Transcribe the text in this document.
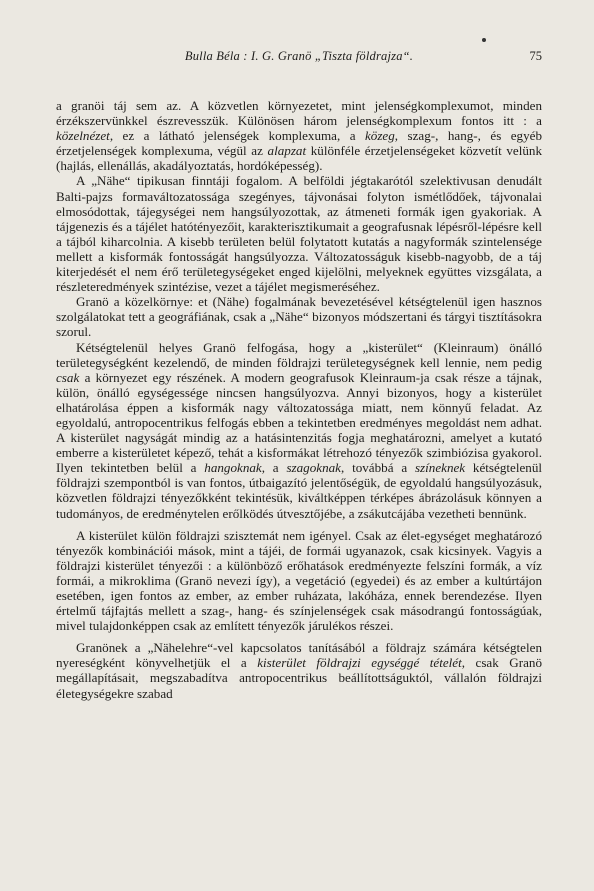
Bulla Béla : I. G. Granö „Tiszta földrajza“.	75

a granöi táj sem az. A közvetlen környezetet, mint jelenségkomplexumot, minden érzékszervünkkel észrevesszük. Különösen három jelenségkomplexum fontos itt : a közelnézet, ez a látható jelenségek komplexuma, a közeg, szag-, hang-, és egyéb érzetjelenségek komplexuma, végül az alapzat különféle érzetjelenségeket közvetít velünk (hajlás, ellenállás, akadályoztatás, hordóképesség).

A „Nähe“ tipikusan finntáji fogalom. A belföldi jégtakarótól szelektivusan denudált Balti-pajzs formaváltozatossága szegényes, tájvonásai folyton ismétlődőek, tájvonalai elmosódottak, tájegységei nem hangsúlyozottak, az átmeneti formák igen gyakoriak. A tájgenezis és a tájélet hatótényezőit, karakterisztikumait a geografusnak lépésről-lépésre kell a tájból kiharcolnia. A kisebb területen belül folytatott kutatás a nagyformák szintelensége mellett a kisformák fontosságát hangsúlyozza. Változatosságuk kisebb-nagyobb, de a táj kiterjedését el nem érő területegységeket enged kijelölni, melyeknek együttes vizsgálata, a részleteredmények szintézise, vezet a tájélet megismeréséhez.

Granö a közelkörnye: et (Nähe) fogalmának bevezetésével kétségtelenül igen hasznos szolgálatokat tett a geográfiának, csak a „Nähe“ bizonyos módszertani és tárgyi tisztításokra szorul.

Kétségtelenül helyes Granö felfogása, hogy a „kisterület“ (Kleinraum) önálló területegységként kezelendő, de minden földrajzi területegységnek kell lennie, nem pedig csak a környezet egy részének. A modern geografusok Kleinraum-ja csak része a tájnak, külön, önálló egységessége nincsen hangsúlyozva. Annyi bizonyos, hogy a kisterület elhatárolása éppen a kisformák nagy változatossága miatt, nem könnyű feladat. Az egyoldalú, antropocentrikus felfogás ebben a tekintetben eredményes megoldást nem adhat. A kisterület nagyságát mindig az a hatásintenzitás fogja meghatározni, amelyet a kutató emberre a kisterületet képező, tehát a kisformákat létrehozó tényezők szimbiózisa gyakorol. Ilyen tekintetben belül a hangoknak, a szagoknak, továbbá a színeknek kétségtelenül földrajzi szempontból is van fontos, útbaigazító jelentőségük, de egyoldalú hangsúlyozásuk, közvetlen földrajzi tényezőkként tekintésük, kiváltképpen térképes ábrázolásuk könnyen a tudományos, de eredménytelen erőlködés útvesztőjébe, a zsákutcájába vezetheti bennünk.

A kisterület külön földrajzi szisztemát nem igényel. Csak az élet-egységet meghatározó tényezők kombinációi mások, mint a tájéi, de formái ugyanazok, csak kicsinyek. Vagyis a földrajzi kisterület tényezői : a különböző erőhatások eredményezte felszíni formák, a víz formái, a mikroklima (Granö nevezi így), a vegetáció (egyedei) és az ember a kultúrtájon esetében, igen fontos az ember, az ember ruházata, lakóháza, ennek berendezése. Ilyen értelmű tájfajtás mellett a szag-, hang- és színjelenségek csak másodrangú fontosságúak, mivel tulajdonképpen csak az említett tényezők járulékos részei.

Granönek a „Nähelehre“-vel kapcsolatos tanításából a földrajz számára kétségtelen nyereségként könyvelhetjük el a kisterület földrajzi egységgé tételét, csak Granö megállapításait, megszabadítva antropocentrikus beállítottságuktól, vállalón földrajzi életegységekre szabad
